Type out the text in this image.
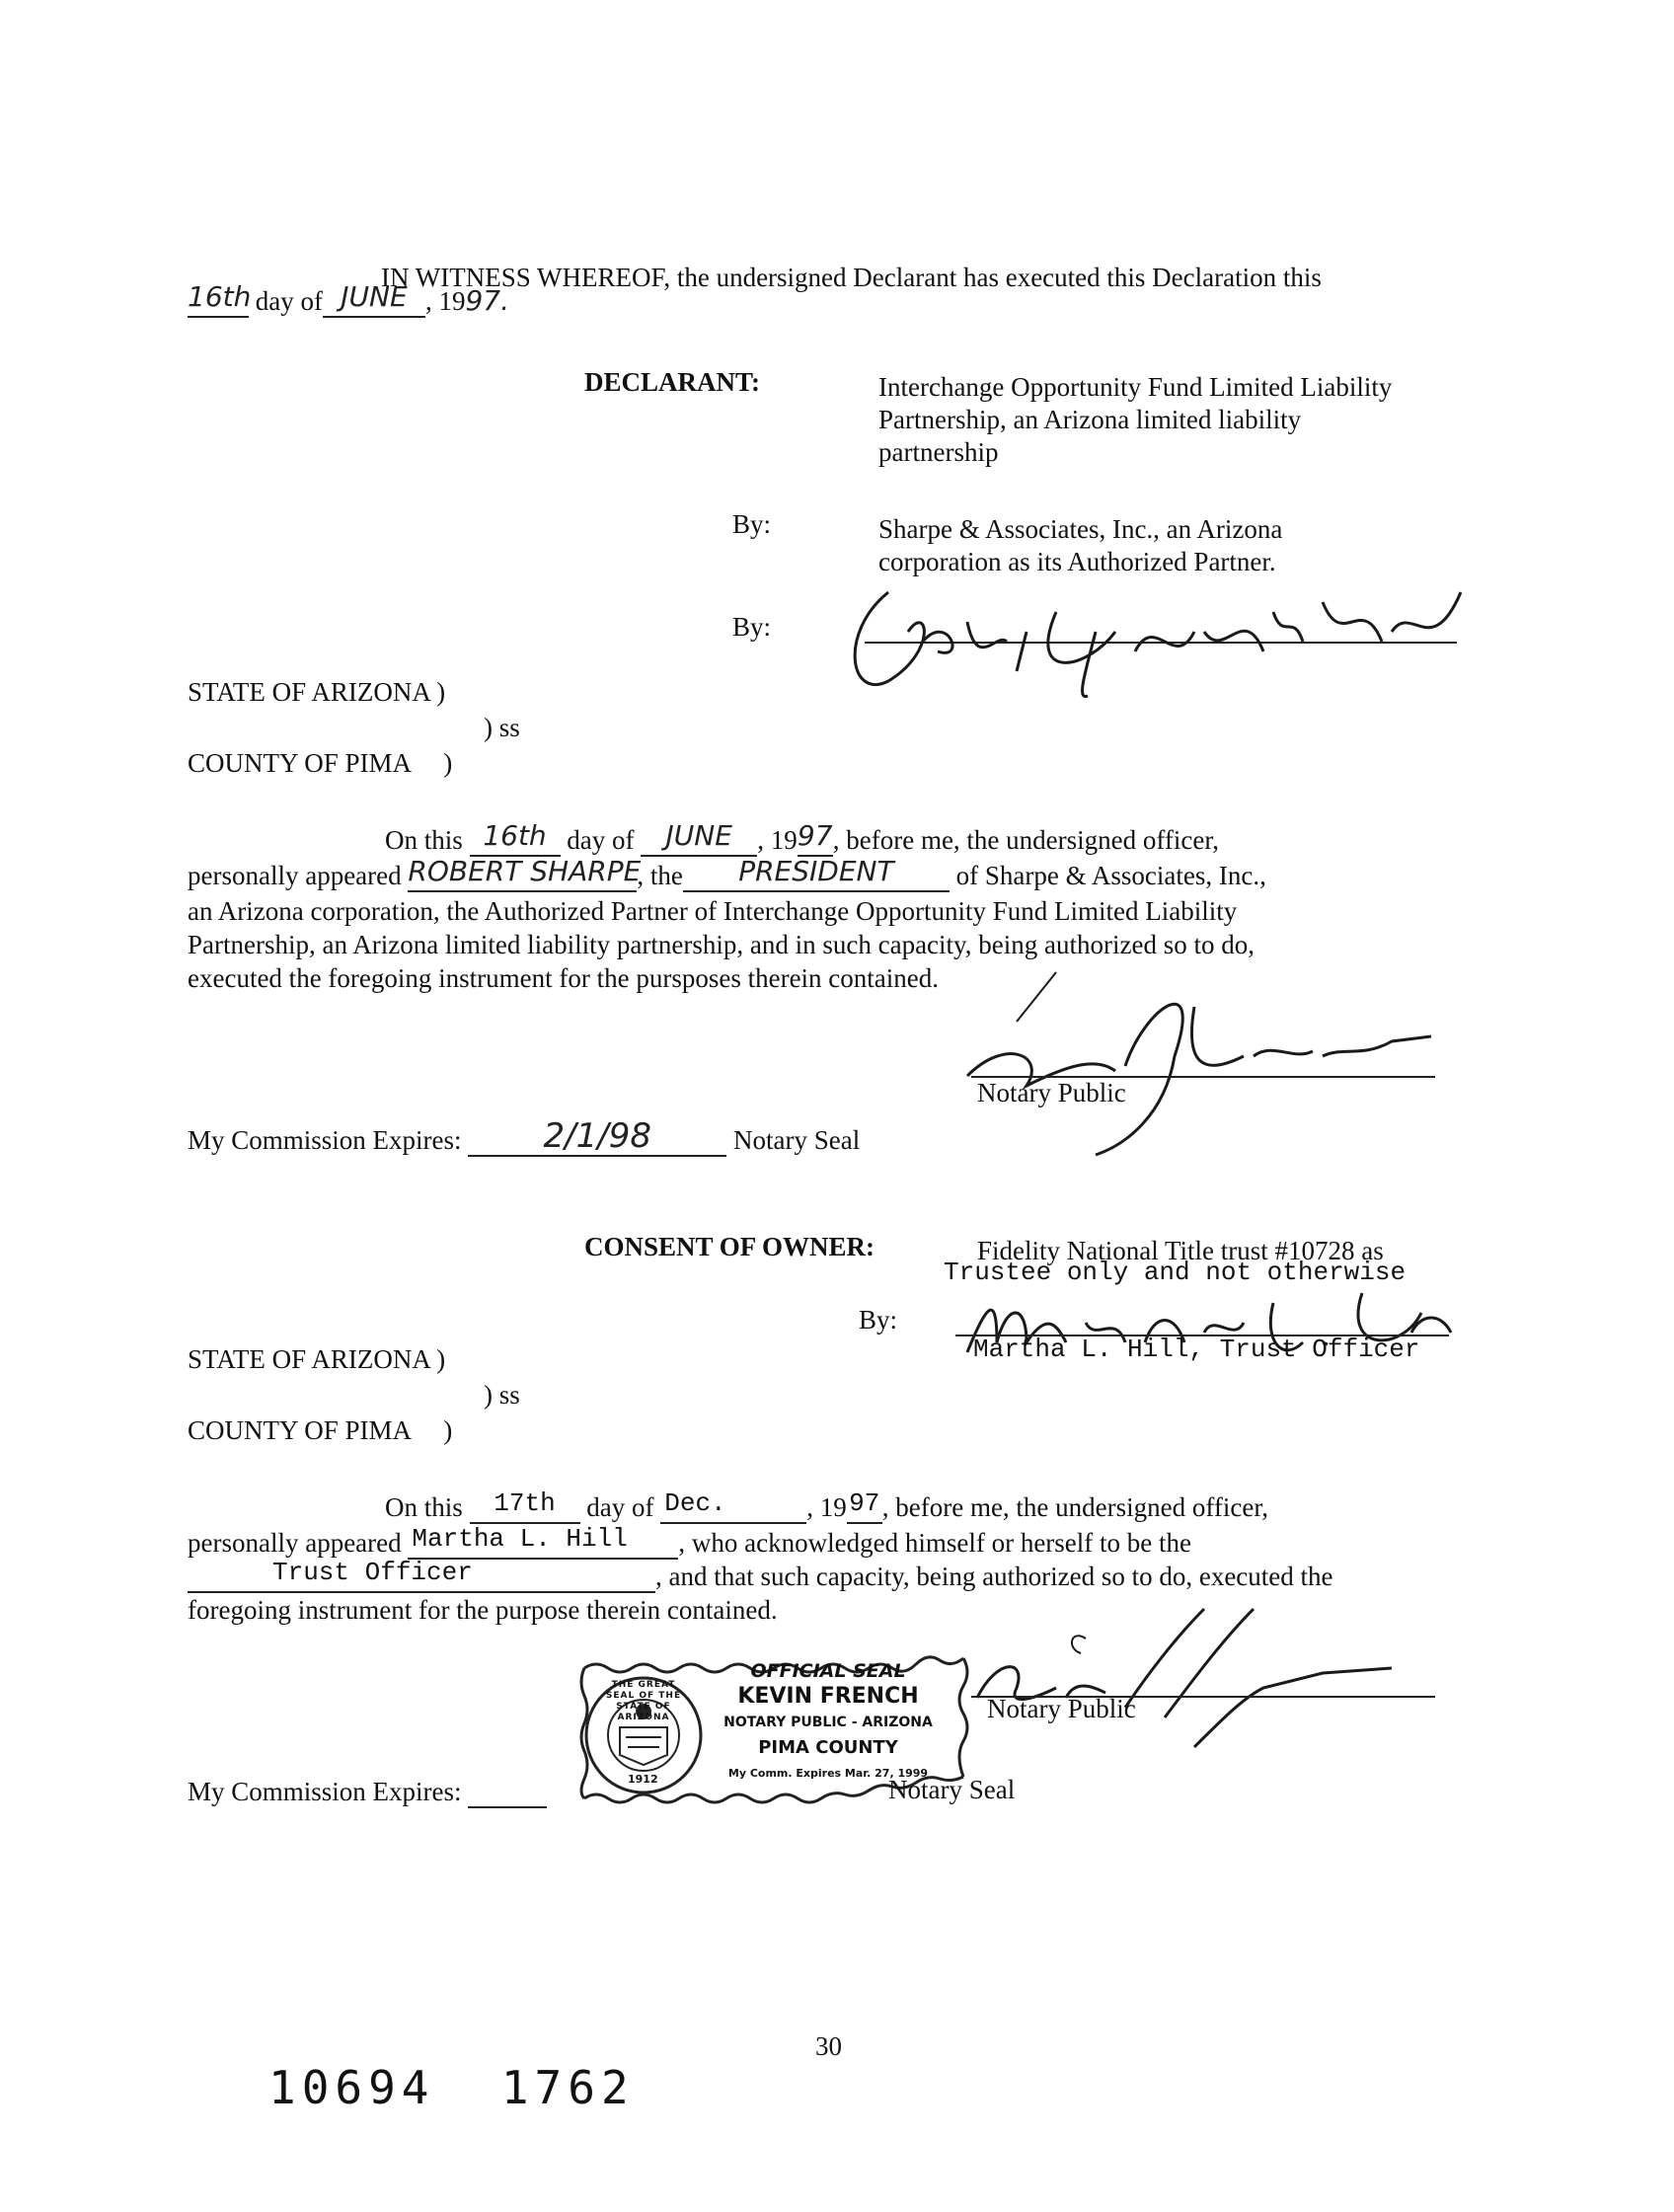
IN WITNESS WHEREOF, the undersigned Declarant has executed this Declaration this
16th day of JUNE , 1997.
DECLARANT:	Interchange Opportunity Fund Limited Liability
Partnership, an Arizona limited liability
partnership
By:	Sharpe & Associates, Inc., an Arizona
corporation as its Authorized Partner.
By:
STATE OF ARIZONA )
) ss
COUNTY OF PIMA     )
On this 16th day of	JUNE , 19 97 , before me, the undersigned officer,
personally appeared ROBERT SHARPE
, the	PRESIDENT	of Sharpe & Associates, Inc.,
an Arizona corporation, the Authorized Partner of Interchange Opportunity Fund Limited Liability
Partnership, an Arizona limited liability partnership, and in such capacity, being authorized so to do,
executed the foregoing instrument for the pursposes therein contained.
Notary Public
My Commission Expires:	2/1/98	Notary Seal
CONSENT OF OWNER:	Fidelity National Title trust #10728 as
Trustee only and not otherwise
By:
Martha L. Hill, Trust Officer
STATE OF ARIZONA )
) ss
COUNTY OF PIMA     )
On this	17th	day of Dec.	, 19 97 , before me, the undersigned officer,
personally appeared Martha L. Hill	, who acknowledged himself or herself to be the
Trust Officer	, and that such capacity, being authorized so to do, executed the
foregoing instrument for the purpose therein contained.
THE GREAT SEAL OF THE STATE OF ARIZONA
1912
OFFICIAL SEAL
KEVIN FRENCH
NOTARY PUBLIC - ARIZONA
PIMA COUNTY
My Comm. Expires Mar. 27, 1999
Notary Public
My Commission Expires:	Notary Seal
30
10694  1762
